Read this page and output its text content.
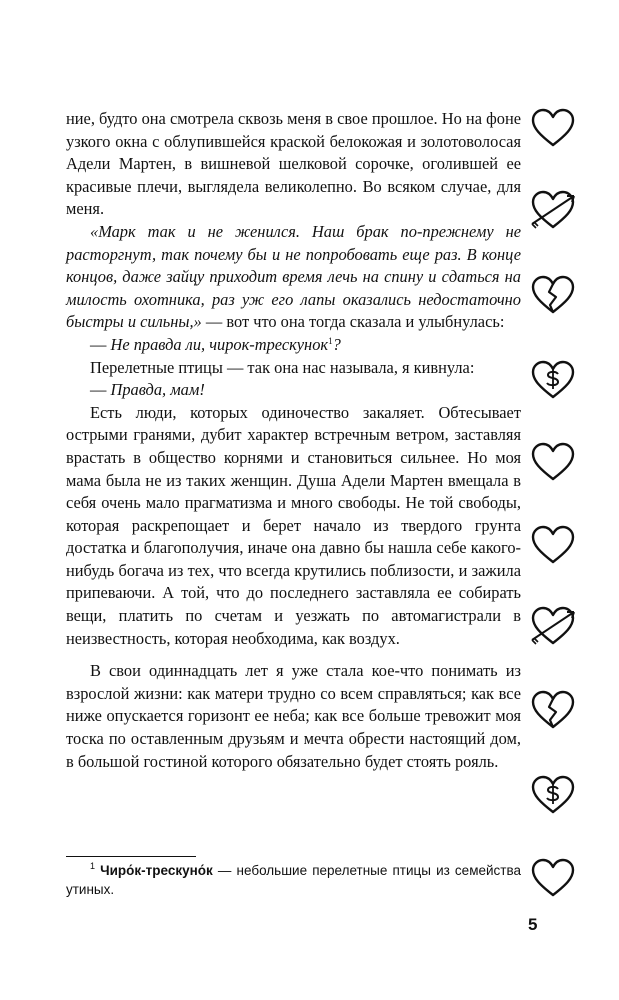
ние, будто она смотрела сквозь меня в свое прошлое. Но на фоне узкого окна с облупившейся краской белокожая и золотоволосая Адели Мартен, в вишневой шелковой сорочке, оголившей ее красивые плечи, выглядела великолепно. Во всяком случае, для меня.

«Марк так и не женился. Наш брак по-прежнему не расторгнут, так почему бы и не попробовать еще раз. В конце концов, даже зайцу приходит время лечь на спину и сдаться на милость охотника, раз уж его лапы оказались недостаточно быстры и сильны,» — вот что она тогда сказала и улыбнулась:

— Не правда ли, чирок-трескунок$^1$?

Перелетные птицы — так она нас называла, я кивнула:

— Правда, мам!

Есть люди, которых одиночество закаляет. Обтесывает острыми гранями, дубит характер встречным ветром, заставляя врастать в общество корнями и становиться сильнее. Но моя мама была не из таких женщин. Душа Адели Мартен вмещала в себя очень мало прагматизма и много свободы. Не той свободы, которая раскрепощает и берет начало из твердого грунта достатка и благополучия, иначе она давно бы нашла себе какого-нибудь богача из тех, что всегда крутились поблизости, и зажила припеваючи. А той, что до последнего заставляла ее собирать вещи, платить по счетам и уезжать по автомагистрали в неизвестность, которая необходима, как воздух.

В свои одиннадцать лет я уже стала кое-что понимать из взрослой жизни: как матери трудно со всем справляться; как все ниже опускается горизонт ее неба; как все больше тревожит моя тоска по оставленным друзьям и мечта обрести настоящий дом, в большой гостиной которого обязательно будет стоять рояль.

$^1$ Чиро́к-трескуно́к — небольшие перелетные птицы из семейства утиных.
5
